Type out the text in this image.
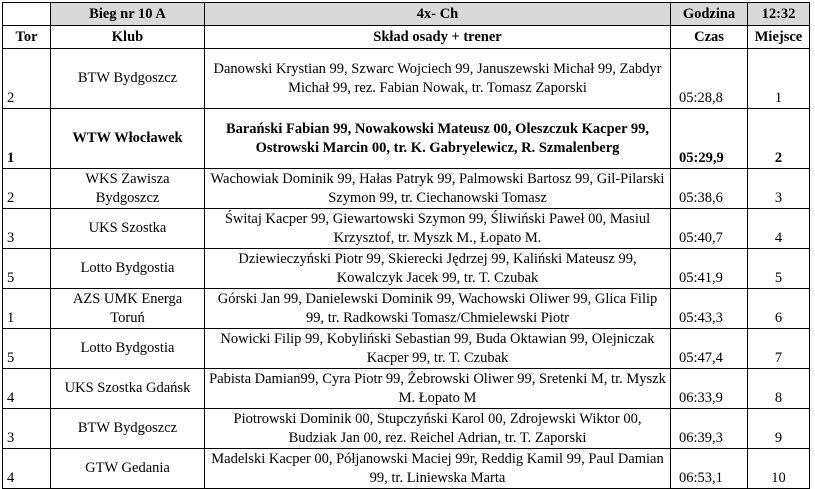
	Bieg nr 10 A	4x- Ch	Godzina	12:32
Tor	Klub	Skład osady + trener	Czas	Miejsce
2	BTW Bydgoszcz	Danowski Krystian 99, Szwarc Wojciech 99, Januszewski Michał 99, Zabdyr Michał 99, rez. Fabian Nowak, tr. Tomasz Zaporski	05:28,8	1
1	WTW Włocławek	Barański Fabian 99, Nowakowski Mateusz 00, Oleszczuk Kacper 99, Ostrowski Marcin 00, tr. K. Gabryelewicz, R. Szmalenberg	05:29,9	2
2	WKS Zawisza Bydgoszcz	Wachowiak Dominik 99, Hałas Patryk 99, Palmowski Bartosz 99, Gil-Pilarski Szymon 99, tr. Ciechanowski Tomasz	05:38,6	3
3	UKS Szostka	Świtaj Kacper 99, Giewartowski Szymon 99, Śliwiński Paweł 00, Masiul Krzysztof, tr. Myszk M., Łopato M.	05:40,7	4
5	Lotto Bydgostia	Dziewieczyński Piotr 99, Skierecki Jędrzej 99, Kaliński Mateusz 99, Kowalczyk Jacek 99, tr. T. Czubak	05:41,9	5
1	AZS UMK Energa Toruń	Górski Jan 99, Danielewski Dominik 99, Wachowski Oliwer 99, Glica Filip 99, tr. Radkowski Tomasz/Chmielewski Piotr	05:43,3	6
5	Lotto Bydgostia	Nowicki Filip 99, Kobyliński Sebastian 99, Buda Oktawian 99, Olejniczak Kacper 99, tr. T. Czubak	05:47,4	7
4	UKS Szostka Gdańsk	Pabista Damian99, Cyra Piotr 99, Żebrowski Oliwer 99, Sretenki M, tr. Myszk M. Łopato M	06:33,9	8
3	BTW Bydgoszcz	Piotrowski Dominik 00, Stupczyński Karol 00, Zdrojewski Wiktor 00, Budziak Jan 00, rez. Reichel Adrian, tr. T. Zaporski	06:39,3	9
4	GTW Gedania	Madelski Kacper 00, Półjanowski Maciej 99r, Reddig Kamil 99, Paul Damian 99, tr. Liniewska Marta	06:53,1	10
